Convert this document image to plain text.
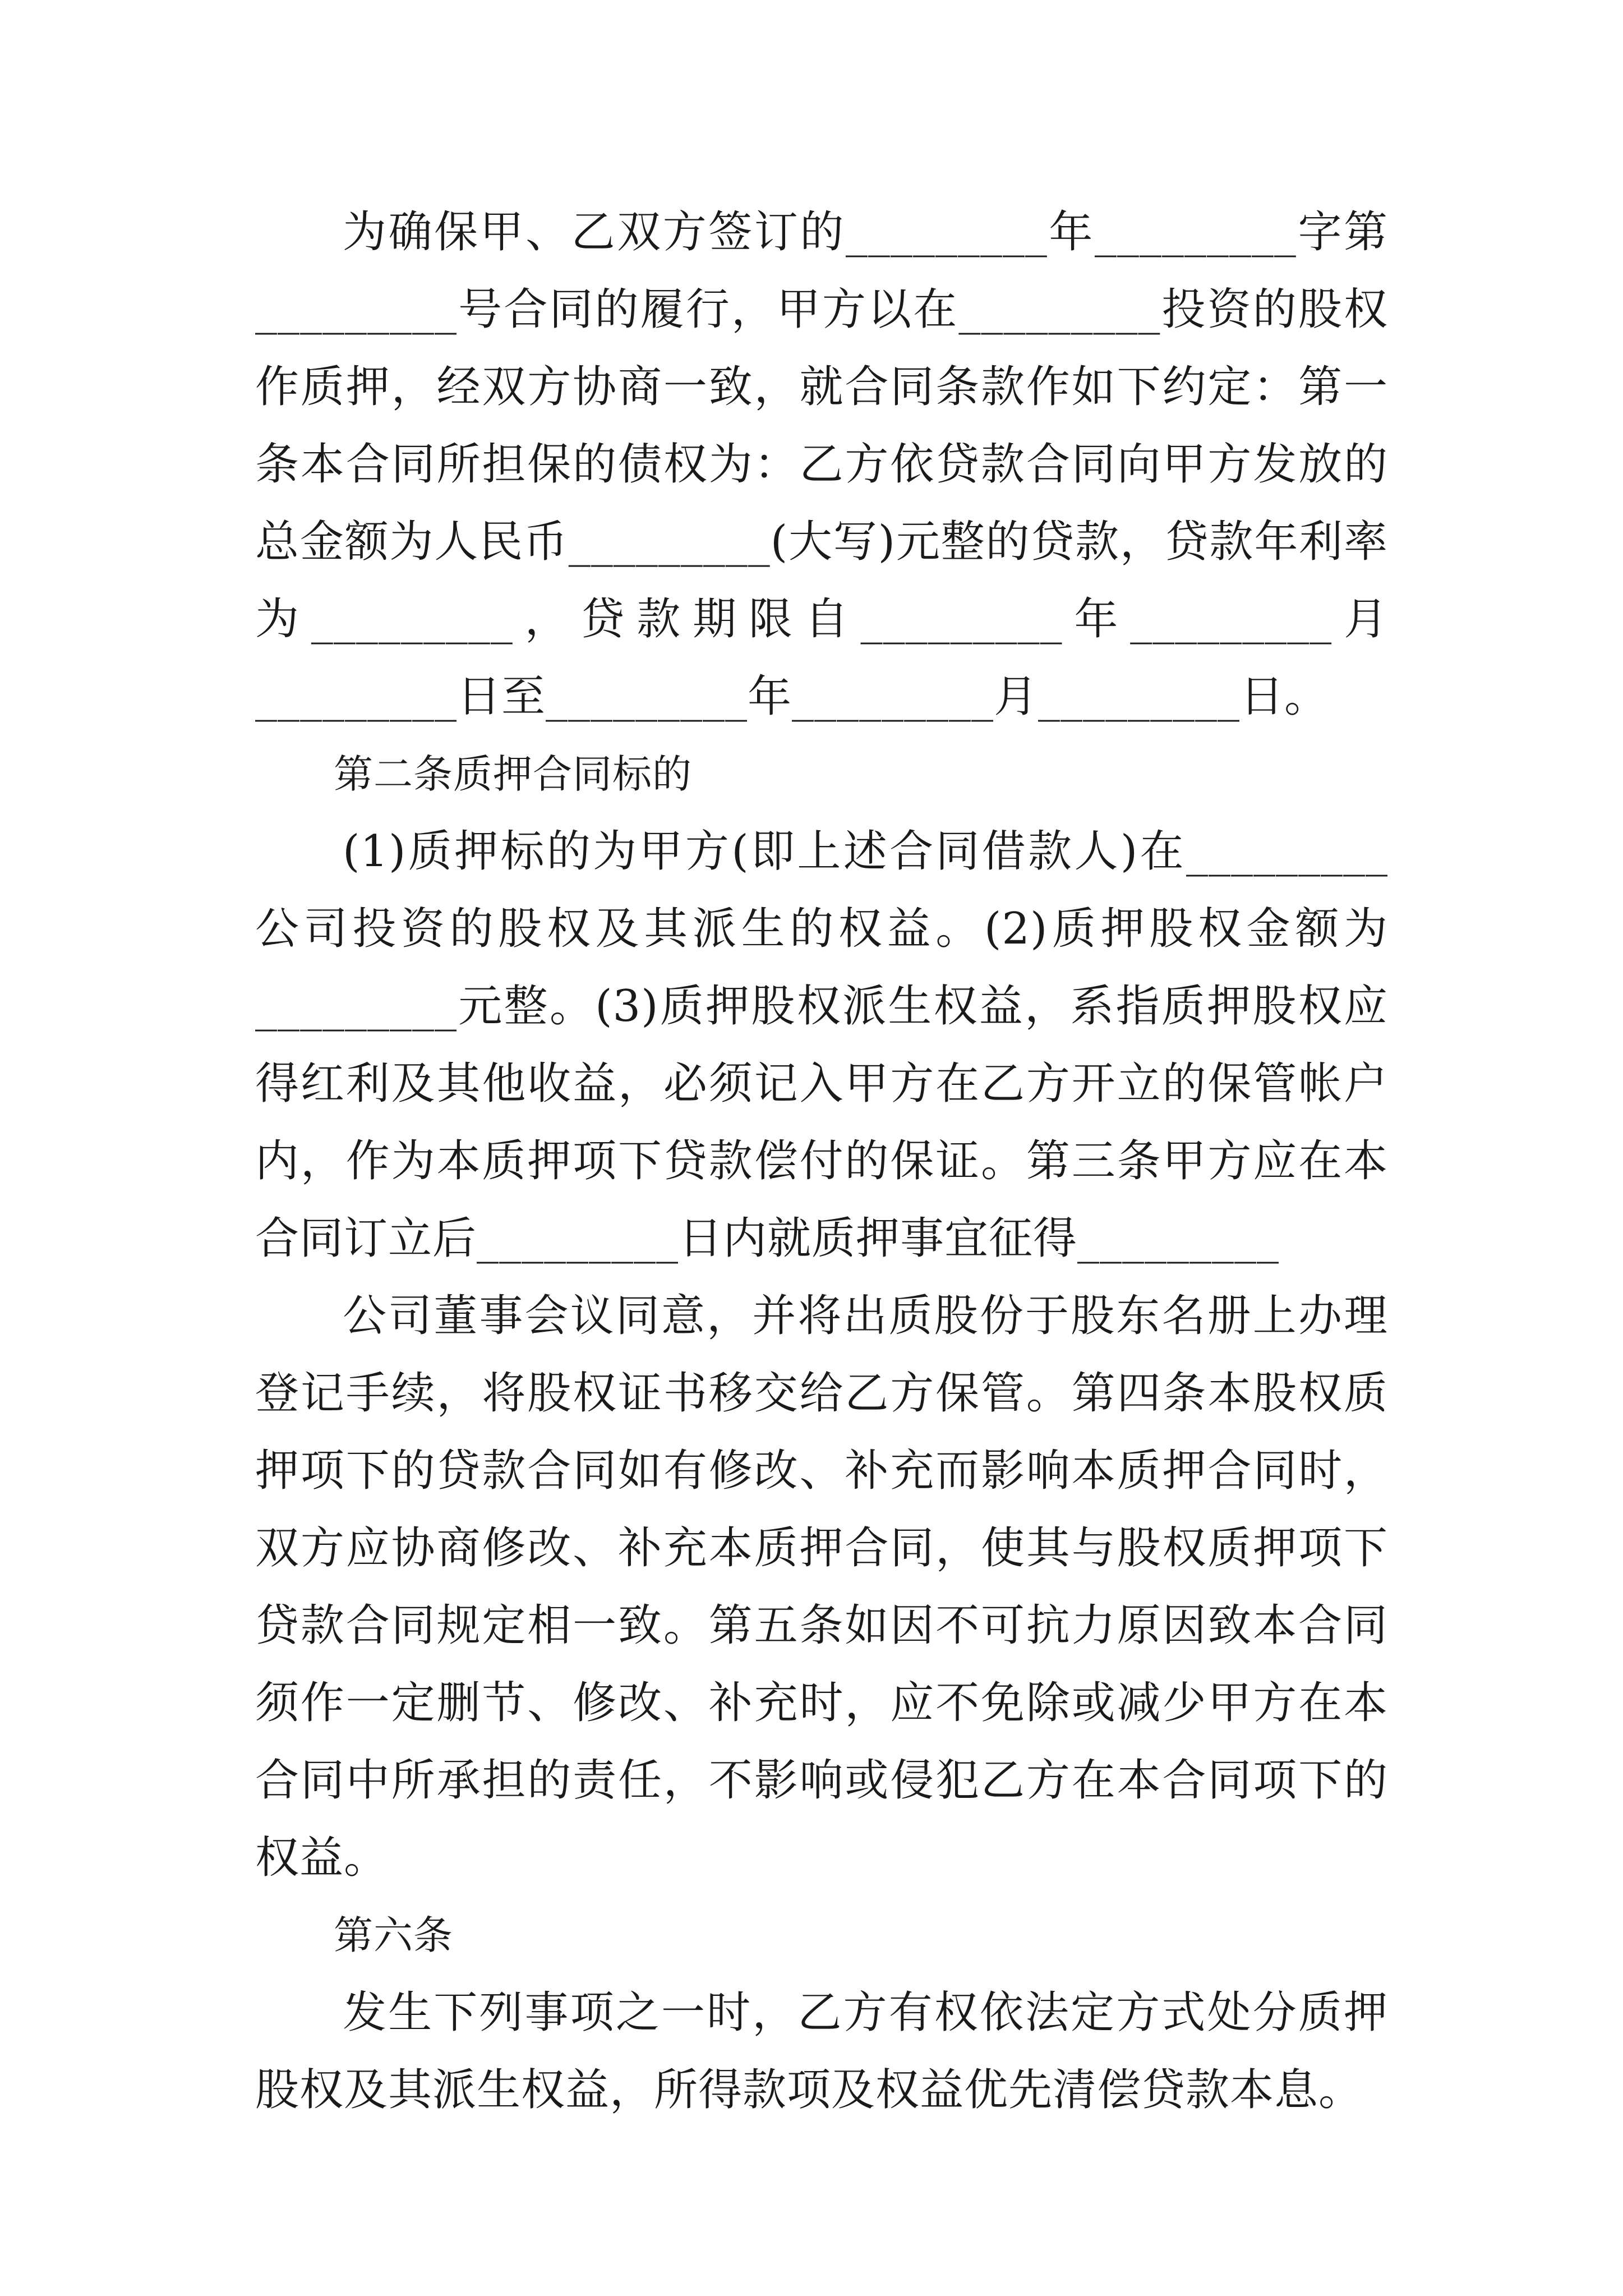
为确保甲、乙双方签订的_________年_________字第_________号合同的履行，甲方以在_________投资的股权作质押，经双方协商一致，就合同条款作如下约定：第一条本合同所担保的债权为：乙方依贷款合同向甲方发放的总金额为人民币_________(大写)元整的贷款，贷款年利率为_________，贷款期限自_________年_________月_________日至_________年_________月_________日。

第二条质押合同标的

(1)质押标的为甲方(即上述合同借款人)在_________公司投资的股权及其派生的权益。(2)质押股权金额为_________元整。(3)质押股权派生权益，系指质押股权应得红利及其他收益，必须记入甲方在乙方开立的保管帐户内，作为本质押项下贷款偿付的保证。第三条甲方应在本合同订立后_________日内就质押事宜征得_________

公司董事会议同意，并将出质股份于股东名册上办理登记手续，将股权证书移交给乙方保管。第四条本股权质押项下的贷款合同如有修改、补充而影响本质押合同时，双方应协商修改、补充本质押合同，使其与股权质押项下贷款合同规定相一致。第五条如因不可抗力原因致本合同须作一定删节、修改、补充时，应不免除或减少甲方在本合同中所承担的责任，不影响或侵犯乙方在本合同项下的权益。

第六条

发生下列事项之一时，乙方有权依法定方式处分质押股权及其派生权益，所得款项及权益优先清偿贷款本息。
